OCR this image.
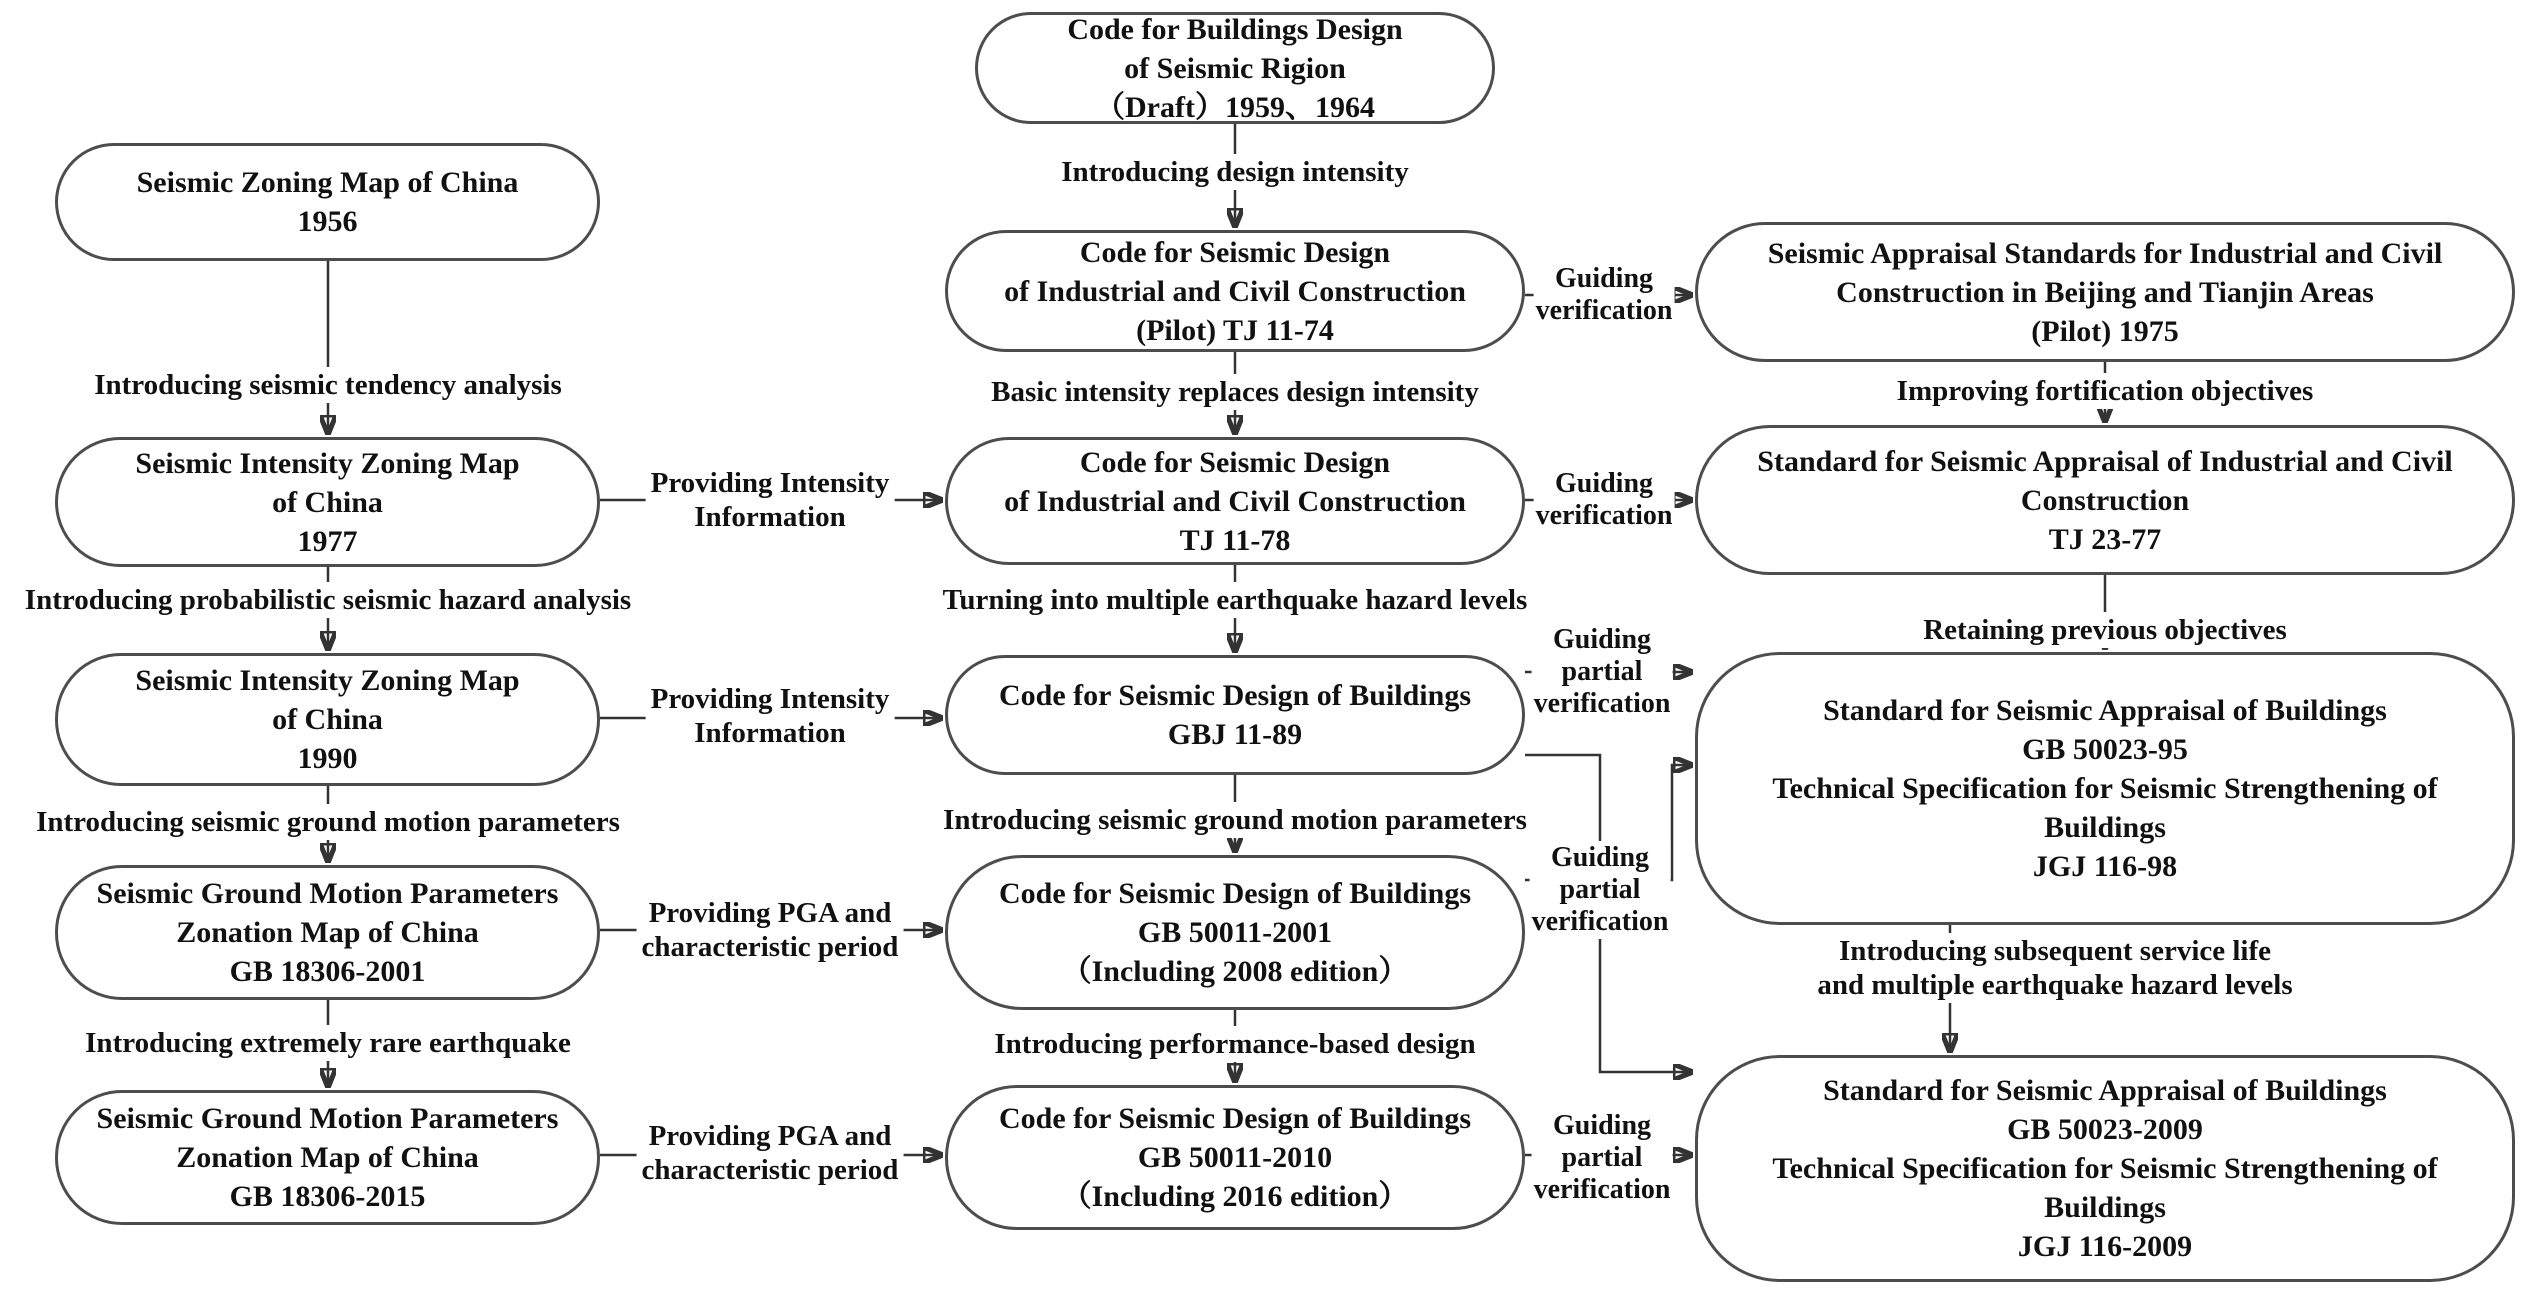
Code for Buildings Design
of Seismic Rigion
（Draft）1959、1964
Code for Seismic Design
of Industrial and Civil Construction
(Pilot) TJ 11-74
Code for Seismic Design
of Industrial and Civil Construction
TJ 11-78
Code for Seismic Design of Buildings
GBJ 11-89
Code for Seismic Design of Buildings
GB 50011-2001
（Including 2008 edition）
Code for Seismic Design of Buildings
GB 50011-2010
（Including 2016 edition）
Seismic Zoning Map of China
1956
Seismic Intensity Zoning Map
of China
1977
Seismic Intensity Zoning Map
of China
1990
Seismic Ground Motion Parameters
Zonation Map of China
GB 18306-2001
Seismic Ground Motion Parameters
Zonation Map of China
GB 18306-2015
Seismic Appraisal Standards for Industrial and Civil
Construction in Beijing and Tianjin Areas
(Pilot) 1975
Standard for Seismic Appraisal of Industrial and Civil
Construction
TJ 23-77
Standard for Seismic Appraisal of Buildings
GB 50023-95
Technical Specification for Seismic Strengthening of
Buildings
JGJ 116-98
Standard for Seismic Appraisal of Buildings
GB 50023-2009
Technical Specification for Seismic Strengthening of
Buildings
JGJ 116-2009
Introducing design intensity
Introducing seismic tendency analysis	Basic intensity replaces design intensity	Improving fortification objectives
Introducing probabilistic seismic hazard analysis	Turning into multiple earthquake hazard levels
Retaining previous objectives
Introducing seismic ground motion parameters	Introducing seismic ground motion parameters
Introducing extremely rare earthquake	Introducing performance-based design
Introducing subsequent service life
and multiple earthquake hazard levels
Providing Intensity
Information
Providing Intensity
Information
Providing PGA and
characteristic period
Providing PGA and
characteristic period
Guiding
verification
Guiding
verification
Guiding
partial
verification
Guiding
partial
verification
Guiding
partial
verification
